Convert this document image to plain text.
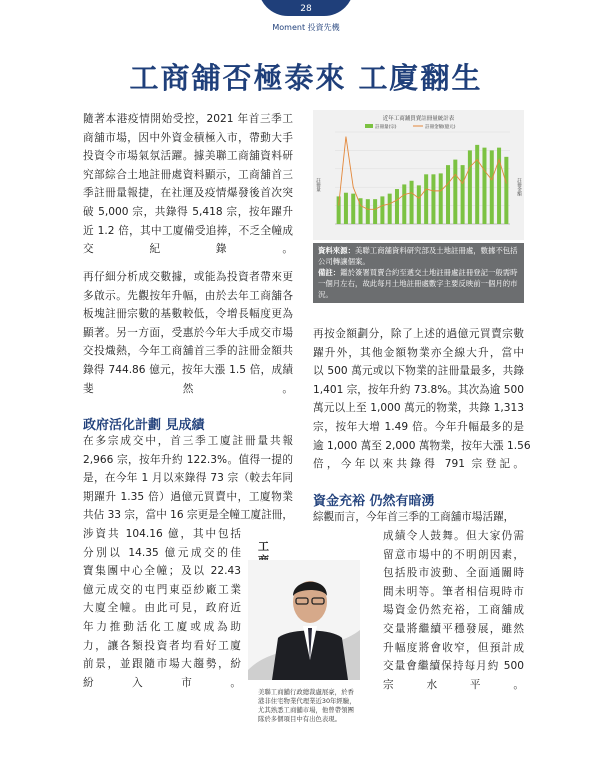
28
Moment 投資先機
工商舖否極泰來 工廈翻生
隨著本港疫情開始受控，2021 年首三季工
商舖市場，因中外資金積極入市，帶動大手
投資令市場氣氛活躍。據美聯工商舖資料研
究部綜合土地註冊處資料顯示，工商舖首三
季註冊量報捷，在社運及疫情爆發後首次突
破 5,000 宗，共錄得 5,418 宗，按年躍升
近 1.2 倍，其中工廈備受追捧，不乏全幢成
交紀錄。
再仔細分析成交數據，或能為投資者帶來更
多啟示。先觀按年升幅，由於去年工商舖各
板塊註冊宗數的基數較低，令增長幅度更為
顯著。另一方面，受惠於今年大手成交市場
交投熾熱，今年工商舖首三季的註冊金額共
錄得 744.86 億元，按年大漲 1.5 倍，成績
斐然。
政府活化計劃 見成績
在多宗成交中，首三季工廈註冊量共報
2,966 宗，按年升約 122.3%。值得一提的
是，在今年 1 月以來錄得 73 宗（較去年同
期躍升 1.35 倍）過億元買賣中，工廈物業
共佔 33 宗，當中 16 宗更是全幢工廈註冊，
涉資共 104.16 億，其中包括
分別以 14.35 億元成交的佳
寶集團中心全幢；及以 22.43
億元成交的屯門東亞紗廠工業
大廈全幢。由此可見，政府近
年力推動活化工廈或成為助
力，讓各類投資者均看好工廈
前景，並跟隨市場大趨勢，紛
紛入市。
近年工商舖買賣註冊量統計表
註冊量(宗)	註冊金額(億元)
註冊量	註冊金額
資料來源：美聯工商舖資料研究部及土地註冊處，數據不包括公司轉讓個案。
備註：鑑於簽署買賣合約至遞交土地註冊處註冊登記一般需時一個月左右，故此每月土地註冊處數字主要反映前一個月的市況。
再按金額劃分，除了上述的過億元買賣宗數
躍升外，其他金額物業亦全線大升，當中
以 500 萬元或以下物業的註冊量最多，共錄
1,401 宗，按年升約 73.8%。其次為逾 500
萬元以上至 1,000 萬元的物業，共錄 1,313
宗，按年大增 1.49 倍。今年升幅最多的是
逾 1,000 萬至 2,000 萬物業，按年大漲 1.56
倍，今年以來共錄得 791 宗登記。
資金充裕 仍然有暗湧
綜觀而言，今年首三季的工商舖市場活躍，
成績令人鼓舞。但大家仍需
留意市場中的不明朗因素，
包括股市波動、全面通關時
間未明等。筆者相信現時市
場資金仍然充裕，工商舖成
交量將繼續平穩發展，雖然
升幅度將會收窄，但預計成
交量會繼續保持每月約 500
宗水平。
工
美聯工商舖行政總裁盧展豪，於香港非住宅物業代理業近30年經驗，尤其熟悉工商舖市場，他曾帶領團隊於多個項目中有出色表現。
